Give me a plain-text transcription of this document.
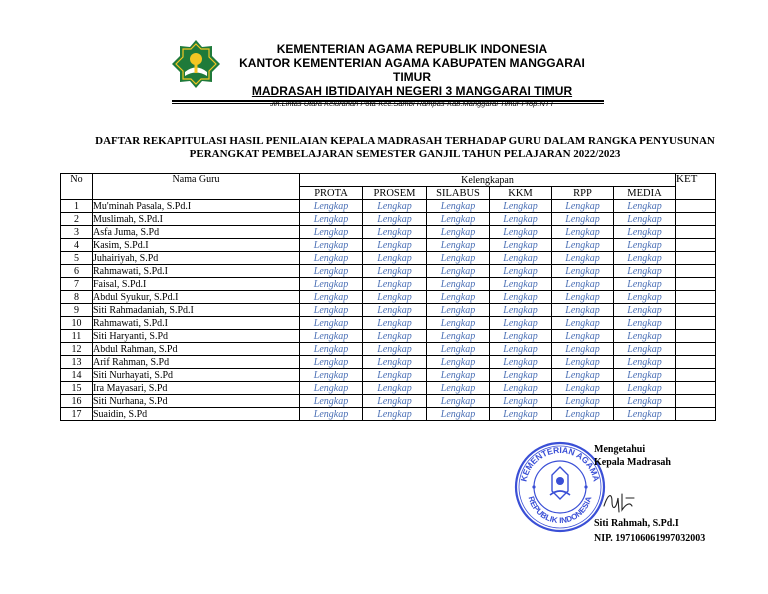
KEMENTERIAN AGAMA REPUBLIK INDONESIA
KANTOR KEMENTERIAN AGAMA KABUPATEN MANGGARAI TIMUR
MADRASAH IBTIDAIYAH NEGERI 3 MANGGARAI TIMUR
DAFTAR REKAPITULASI HASIL PENILAIAN KEPALA MADRASAH TERHADAP GURU DALAM RANGKA PENYUSUNAN
PERANGKAT PEMBELAJARAN SEMESTER GANJIL TAHUN PELAJARAN 2022/2023
No	Nama Guru	Kelengkapan						KET
		PROTA	PROSEM	SILABUS	KKM	RPP	MEDIA	
1	Mu'minah Pasala, S.Pd.I	Lengkap	Lengkap	Lengkap	Lengkap	Lengkap	Lengkap	
2	Muslimah, S.Pd.I	Lengkap	Lengkap	Lengkap	Lengkap	Lengkap	Lengkap	
3	Asfa Juma, S.Pd	Lengkap	Lengkap	Lengkap	Lengkap	Lengkap	Lengkap	
4	Kasim, S.Pd.I	Lengkap	Lengkap	Lengkap	Lengkap	Lengkap	Lengkap	
5	Juhairiyah, S.Pd	Lengkap	Lengkap	Lengkap	Lengkap	Lengkap	Lengkap	
6	Rahmawati, S.Pd.I	Lengkap	Lengkap	Lengkap	Lengkap	Lengkap	Lengkap	
7	Faisal, S.Pd.I	Lengkap	Lengkap	Lengkap	Lengkap	Lengkap	Lengkap	
8	Abdul Syukur, S.Pd.I	Lengkap	Lengkap	Lengkap	Lengkap	Lengkap	Lengkap	
9	Siti Rahmadaniah, S.Pd.I	Lengkap	Lengkap	Lengkap	Lengkap	Lengkap	Lengkap	
10	Rahmawati, S.Pd.I	Lengkap	Lengkap	Lengkap	Lengkap	Lengkap	Lengkap	
11	Siti Haryanti, S.Pd	Lengkap	Lengkap	Lengkap	Lengkap	Lengkap	Lengkap	
12	Abdul Rahman, S.Pd	Lengkap	Lengkap	Lengkap	Lengkap	Lengkap	Lengkap	
13	Arif Rahman, S.Pd	Lengkap	Lengkap	Lengkap	Lengkap	Lengkap	Lengkap	
14	Siti Nurhayati, S.Pd	Lengkap	Lengkap	Lengkap	Lengkap	Lengkap	Lengkap	
15	Ira Mayasari, S.Pd	Lengkap	Lengkap	Lengkap	Lengkap	Lengkap	Lengkap	
16	Siti Nurhana, S.Pd	Lengkap	Lengkap	Lengkap	Lengkap	Lengkap	Lengkap	
17	Suaidin, S.Pd	Lengkap	Lengkap	Lengkap	Lengkap	Lengkap	Lengkap	
KEMENTERIAN AGAMA
REPUBLIK INDONESIA
Mengetahui
Kepala Madrasah
Siti Rahmah, S.Pd.I
NIP. 197106061997032003
